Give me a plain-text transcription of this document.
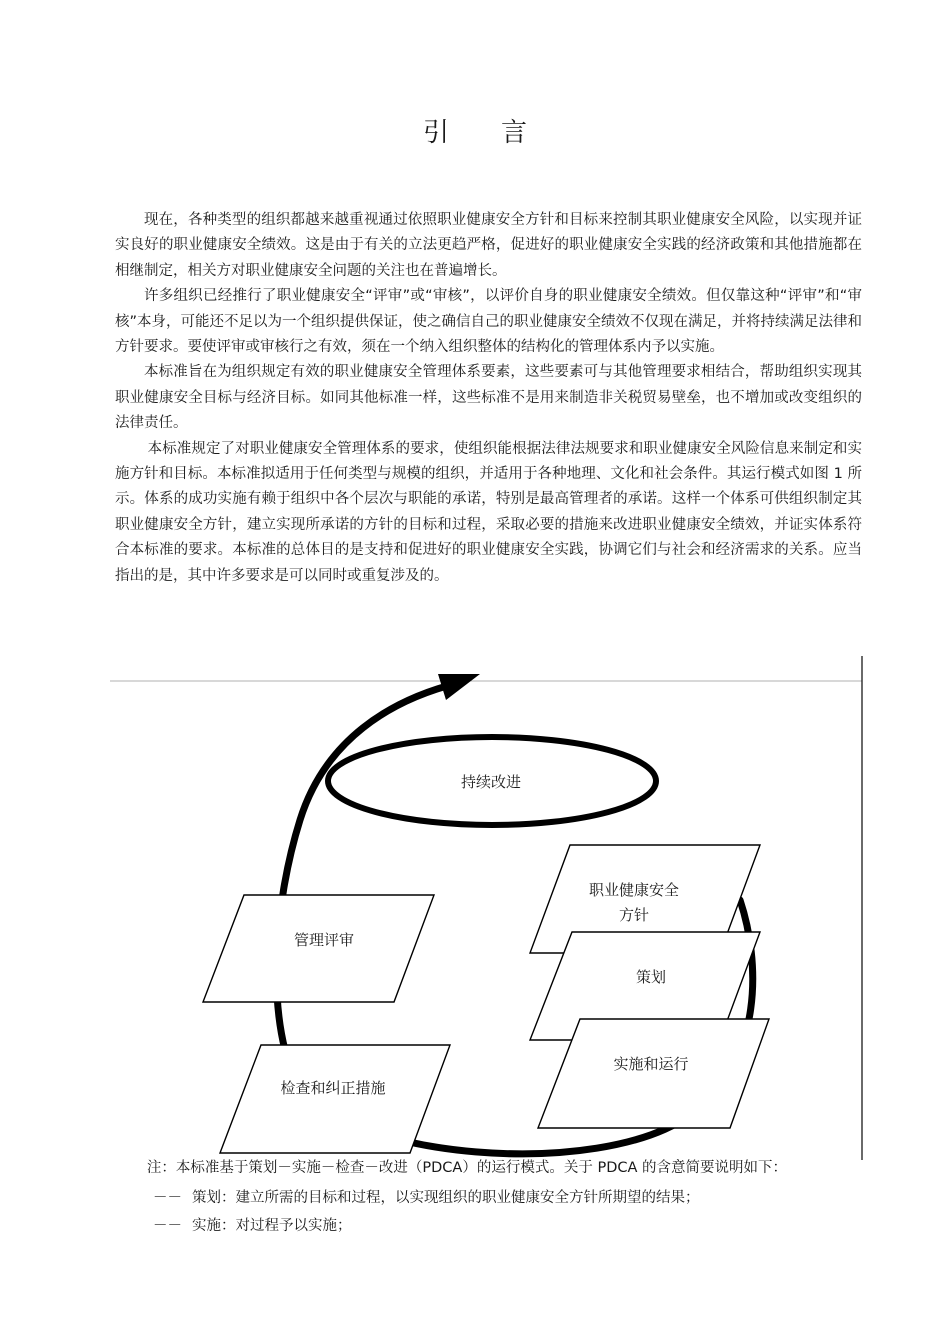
引 言

现在，各种类型的组织都越来越重视通过依照职业健康安全方针和目标来控制其职业健康安全风险，以实现并证实良好的职业健康安全绩效。这是由于有关的立法更趋严格，促进好的职业健康安全实践的经济政策和其他措施都在相继制定，相关方对职业健康安全问题的关注也在普遍增长。

许多组织已经推行了职业健康安全“评审”或“审核”，以评价自身的职业健康安全绩效。但仅靠这种“评审”和“审核”本身，可能还不足以为一个组织提供保证，使之确信自己的职业健康安全绩效不仅现在满足，并将持续满足法律和方针要求。要使评审或审核行之有效，须在一个纳入组织整体的结构化的管理体系内予以实施。

本标准旨在为组织规定有效的职业健康安全管理体系要素，这些要素可与其他管理要求相结合，帮助组织实现其职业健康安全目标与经济目标。如同其他标准一样，这些标准不是用来制造非关税贸易壁垒，也不增加或改变组织的法律责任。

本标准规定了对职业健康安全管理体系的要求，使组织能根据法律法规要求和职业健康安全风险信息来制定和实施方针和目标。本标准拟适用于任何类型与规模的组织，并适用于各种地理、文化和社会条件。其运行模式如图 1 所示。体系的成功实施有赖于组织中各个层次与职能的承诺，特别是最高管理者的承诺。这样一个体系可供组织制定其职业健康安全方针，建立实现所承诺的方针的目标和过程，采取必要的措施来改进职业健康安全绩效，并证实体系符合本标准的要求。本标准的总体目的是支持和促进好的职业健康安全实践，协调它们与社会和经济需求的关系。应当指出的是，其中许多要求是可以同时或重复涉及的。

持续改进
职业健康安全
方针
策划
实施和运行
管理评审
检查和纠正措施

注：本标准基于策划－实施－检查－改进（PDCA）的运行模式。关于 PDCA 的含意简要说明如下：

－－ 策划：建立所需的目标和过程，以实现组织的职业健康安全方针所期望的结果；

－－ 实施：对过程予以实施；
